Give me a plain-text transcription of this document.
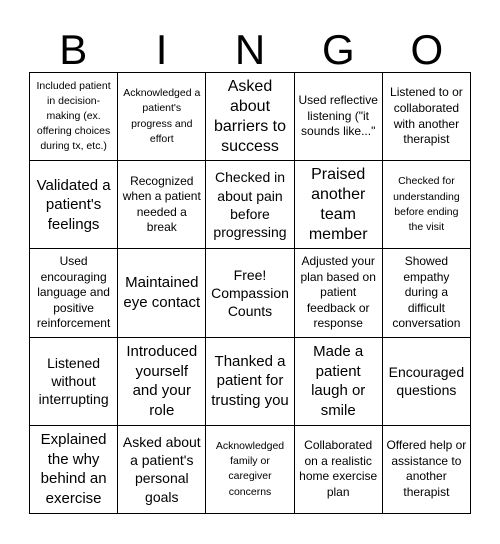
B	I	N	G	O
Included patient in decision-making (ex. offering choices during tx, etc.)
Acknowledged a patient's progress and effort
Asked about barriers to success
Used reflective listening ("it sounds like..."
Listened to or collaborated with another therapist
Validated a patient's feelings
Recognized when a patient needed a break
Checked in about pain before progressing
Praised another team member
Checked for understanding before ending the visit
Used encouraging language and positive reinforcement
Maintained eye contact
Free! Compassion Counts
Adjusted your plan based on patient feedback or response
Showed empathy during a difficult conversation
Listened without interrupting
Introduced yourself and your role
Thanked a patient for trusting you
Made a patient laugh or smile
Encouraged questions
Explained the why behind an exercise
Asked about a patient's personal goals
Acknowledged family or caregiver concerns
Collaborated on a realistic home exercise plan
Offered help or assistance to another therapist
